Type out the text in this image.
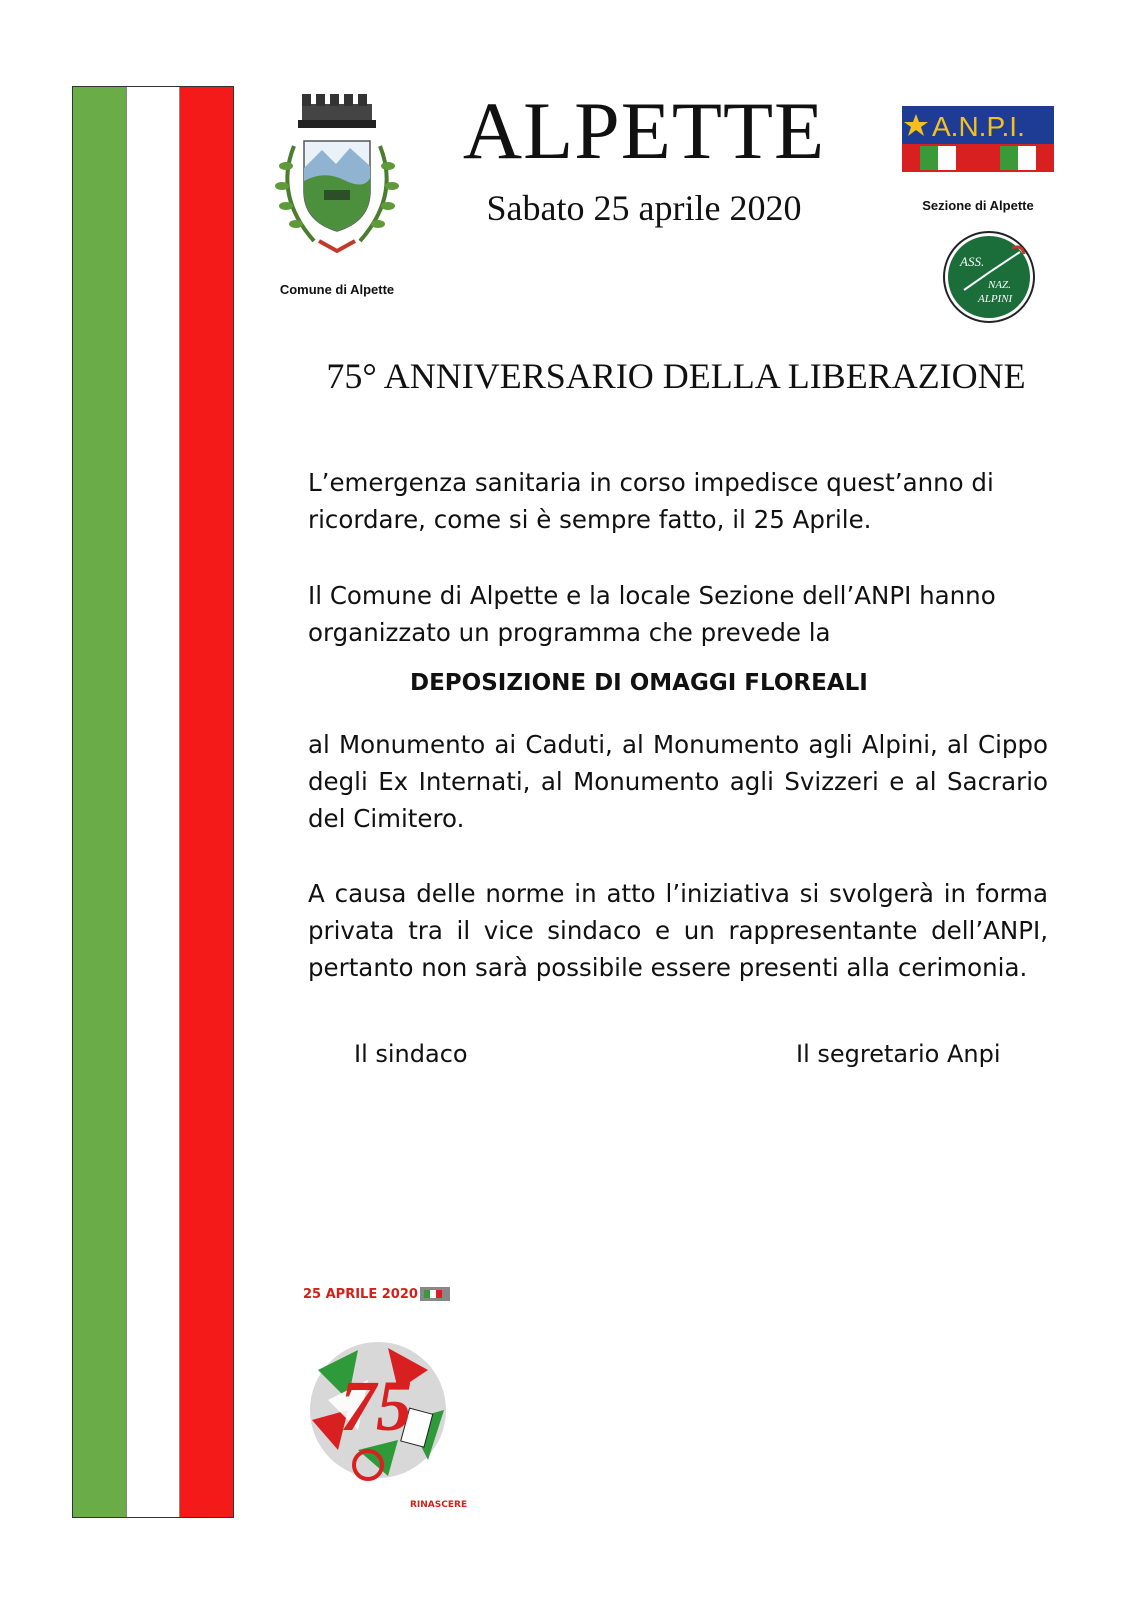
Comune di Alpette
ALPETTE
Sabato 25 aprile 2020
A.N.P.I.
Sezione di Alpette
ASS.
NAZ.
ALPINI
75° ANNIVERSARIO DELLA LIBERAZIONE
L’emergenza sanitaria in corso impedisce quest’anno di ricordare, come si è sempre fatto, il 25 Aprile.
Il Comune di Alpette e la locale Sezione dell’ANPI hanno organizzato un programma che prevede la
DEPOSIZIONE DI OMAGGI FLOREALI
al Monumento ai Caduti, al Monumento agli Alpini, al Cippo degli Ex Internati, al Monumento agli Svizzeri e al Sacrario del Cimitero.
A causa delle norme in atto l’iniziativa si svolgerà in forma privata tra il vice sindaco e un rappresentante dell’ANPI, pertanto non sarà possibile essere presenti alla cerimonia.
Il sindaco	Il segretario Anpi
75
25 APRILE 2020
RINASCERE
